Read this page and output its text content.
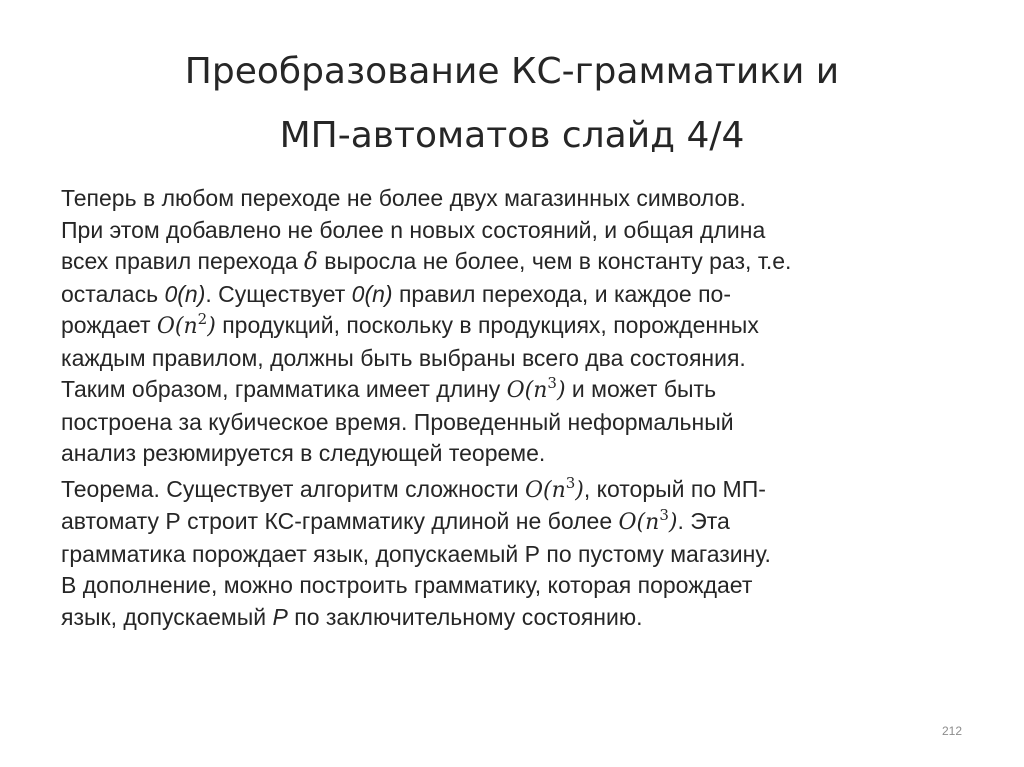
Преобразование КС-грамматики и
МП-автоматов слайд 4/4

Теперь в любом переходе не более двух магазинных символов.
При этом добавлено не более n новых состояний, и общая длина
всех правил перехода δ выросла не более, чем в константу раз, т.е.
осталась 0(n). Существует 0(n) правил перехода, и каждое по-
рождает $O(n^2)$ продукций, поскольку в продукциях, порожденных
каждым правилом, должны быть выбраны всего два состояния.
Таким образом, грамматика имеет длину $O(n^3)$ и может быть
построена за кубическое время. Проведенный неформальный
анализ резюмируется в следующей теореме.

Теорема. Существует алгоритм сложности $O(n^3)$, который по МП-
автомату Р строит КС-грамматику длиной не более $O(n^3)$. Эта
грамматика порождает язык, допускаемый Р по пустому магазину.
В дополнение, можно построить грамматику, которая порождает
язык, допускаемый P по заключительному состоянию.

212
